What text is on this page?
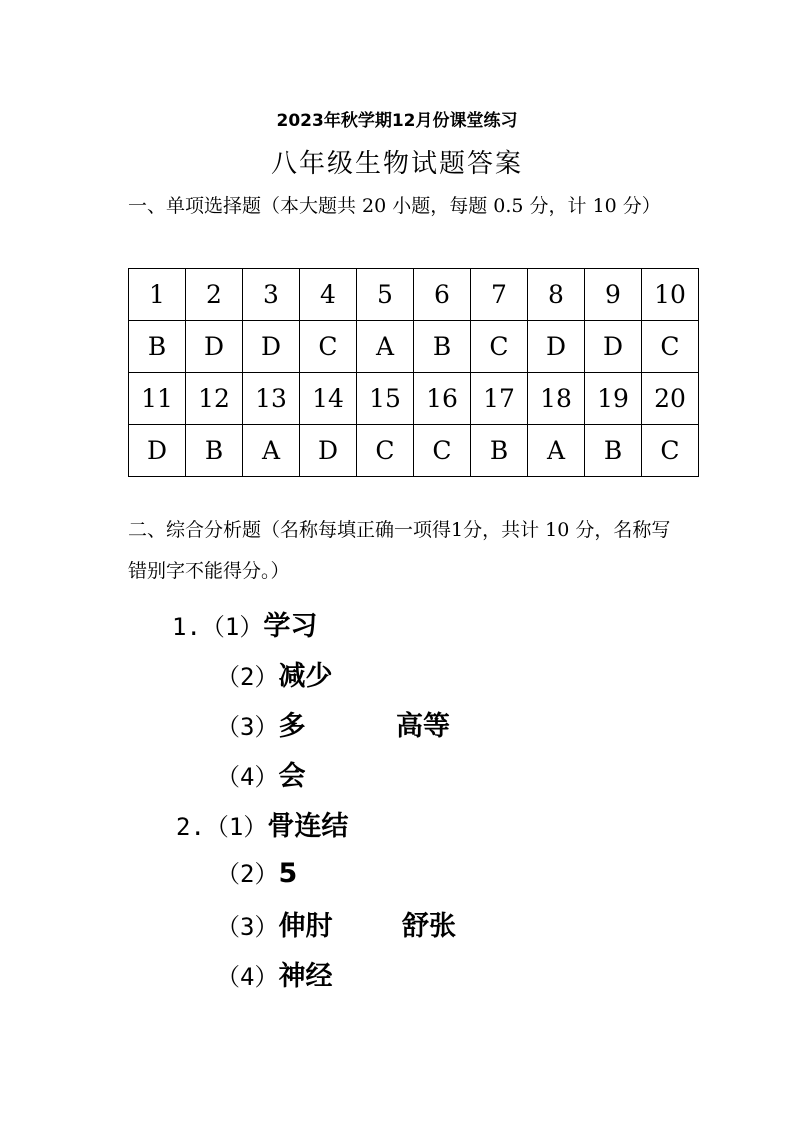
2023年秋学期12月份课堂练习
八年级生物试题答案
一、单项选择题（本大题共 20 小题，每题 0.5 分，计 10 分）
1	2	3	4	5	6	7	8	9	10
B	D	D	C	A	B	C	D	D	C
11	12	13	14	15	16	17	18	19	20
D	B	A	D	C	C	B	A	B	C
二、综合分析题（名称每填正确一项得1分，共计 10 分，名称写错别字不能得分。）
1.（1）学习
（2）减少
（3）多	高等
（4）会
2.（1）骨连结
（2）5
（3）伸肘	舒张
（4）神经
